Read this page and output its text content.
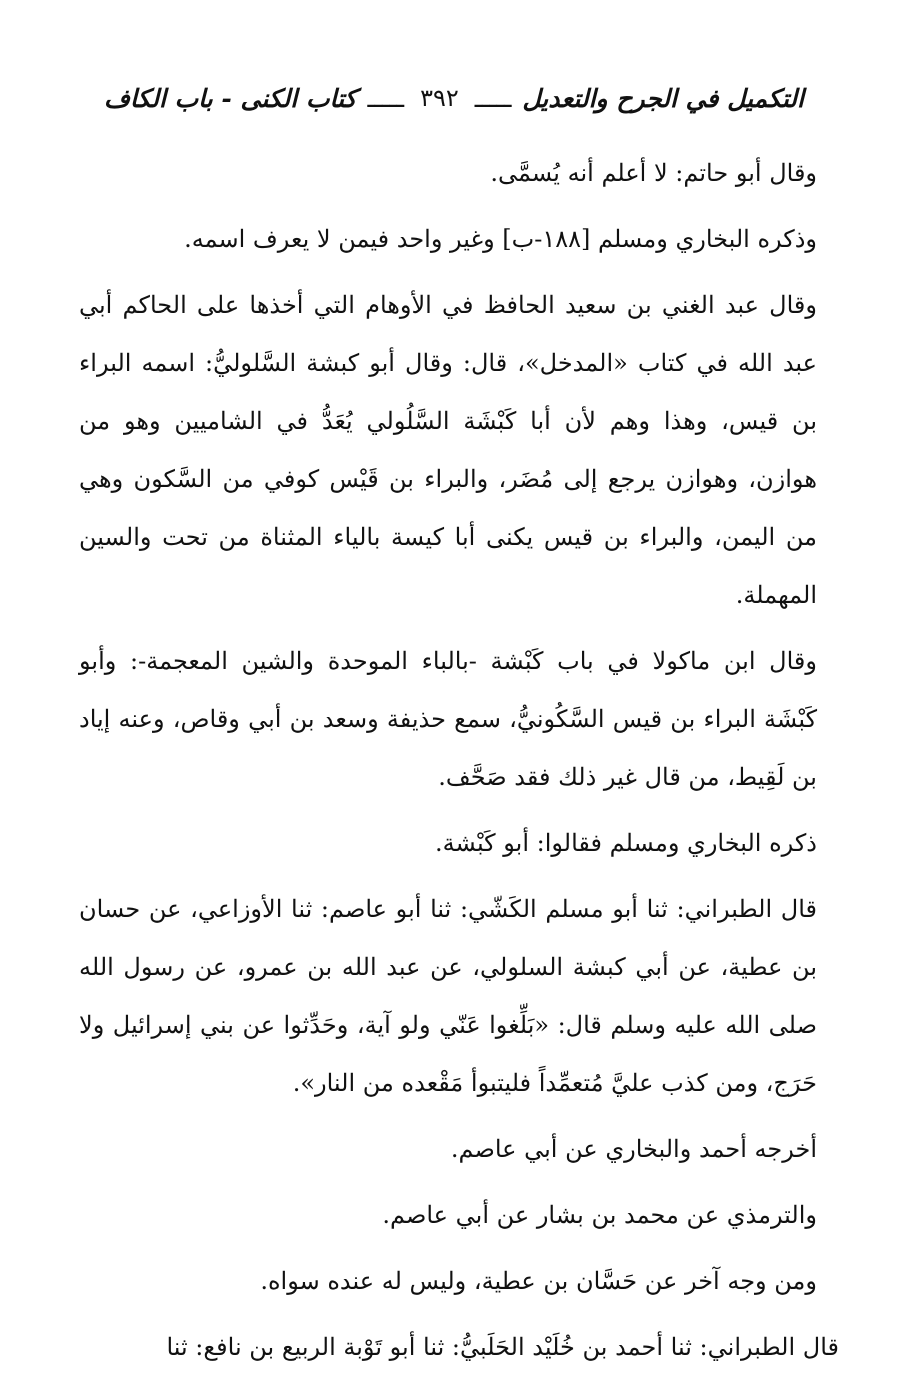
التكميل في الجرح والتعديل
ـــــ
٣٩٢
ـــــ
كتاب الكنى - باب الكاف

وقال أبو حاتم: لا أعلم أنه يُسمَّى.

وذكره البخاري ومسلم [١٨٨-ب] وغير واحد فيمن لا يعرف اسمه.

وقال عبد الغني بن سعيد الحافظ في الأوهام التي أخذها على الحاكم أبي عبد الله في كتاب «المدخل»، قال: وقال أبو كبشة السَّلوليُّ: اسمه البراء بن قيس، وهذا وهم لأن أبا كَبْشَة السَّلُولي يُعَدُّ في الشاميين وهو من هوازن، وهوازن يرجع إلى مُضَر، والبراء بن قَيْس كوفي من السَّكون وهي من اليمن، والبراء بن قيس يكنى أبا كيسة بالياء المثناة من تحت والسين المهملة.

وقال ابن ماكولا في باب كَبْشة -بالباء الموحدة والشين المعجمة-: وأبو كَبْشَة البراء بن قيس السَّكُونيُّ، سمع حذيفة وسعد بن أبي وقاص، وعنه إياد بن لَقِيط، من قال غير ذلك فقد صَحَّف.

ذكره البخاري ومسلم فقالوا: أبو كَبْشة.

قال الطبراني: ثنا أبو مسلم الكَشّي: ثنا أبو عاصم: ثنا الأوزاعي، عن حسان بن عطية، عن أبي كبشة السلولي، عن عبد الله بن عمرو، عن رسول الله صلى الله عليه وسلم قال: «بَلِّغوا عَنّي ولو آية، وحَدِّثوا عن بني إسرائيل ولا حَرَج، ومن كذب عليَّ مُتعمِّداً فليتبوأ مَقْعده من النار».

أخرجه أحمد والبخاري عن أبي عاصم.

والترمذي عن محمد بن بشار عن أبي عاصم.

ومن وجه آخر عن حَسَّان بن عطية، وليس له عنده سواه.

قال الطبراني: ثنا أحمد بن خُلَيْد الحَلَبيُّ: ثنا أبو تَوْبة الربيع بن نافع: ثنا
